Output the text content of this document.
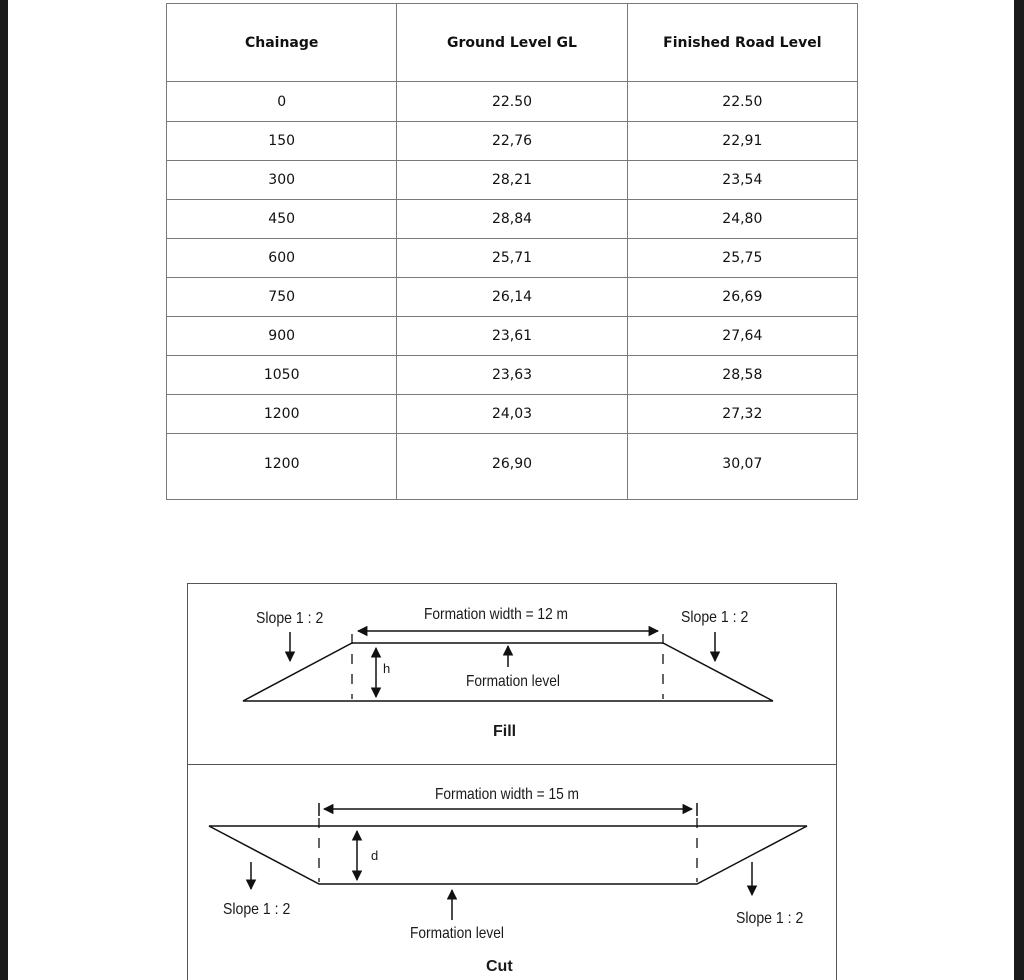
Chainage	Ground Level GL	Finished Road Level
0	22.50	22.50
150	22,76	22,91
300	28,21	23,54
450	28,84	24,80
600	25,71	25,75
750	26,14	26,69
900	23,61	27,64
1050	23,63	28,58
1200	24,03	27,32
1200	26,90	30,07
Slope 1 : 2	Slope 1 : 2
Formation width = 12 m
h
Formation level
Fill
Formation width = 15 m
d
Slope 1 : 2	Slope 1 : 2
Formation level
Cut
